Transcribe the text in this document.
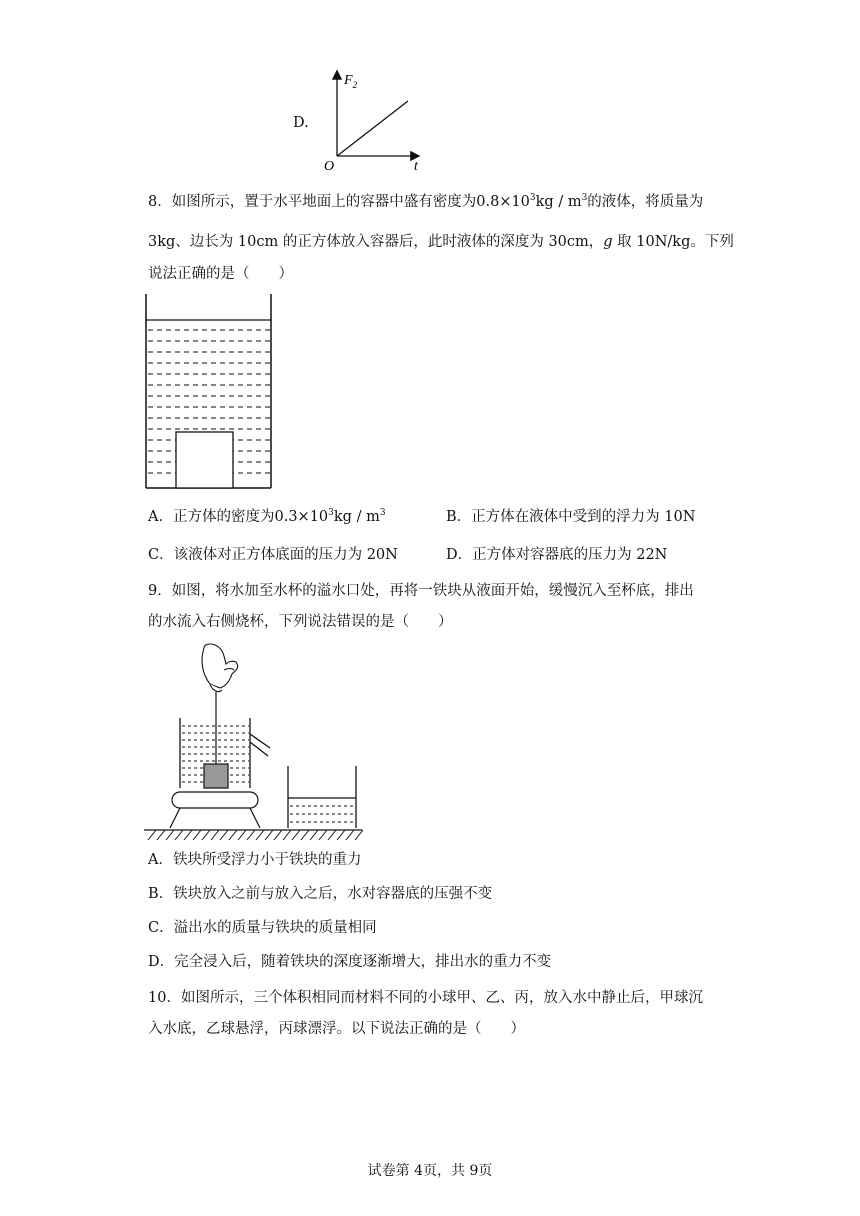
D.
$F_2$
t
O
8．如图所示，置于水平地面上的容器中盛有密度为$0.8\times 10^3kg / m^3$的液体，将质量为
3kg、边长为 10cm 的正方体放入容器后，此时液体的深度为 30cm，g 取 10N/kg。下列
说法正确的是（　　）
A．正方体的密度为$0.3\times 10^3kg / m^3$	B．正方体在液体中受到的浮力为 10N
C．该液体对正方体底面的压力为 20N	D．正方体对容器底的压力为 22N
9．如图，将水加至水杯的溢水口处，再将一铁块从液面开始，缓慢沉入至杯底，排出
的水流入右侧烧杯，下列说法错误的是（　　）
A．铁块所受浮力小于铁块的重力
B．铁块放入之前与放入之后，水对容器底的压强不变
C．溢出水的质量与铁块的质量相同
D．完全浸入后，随着铁块的深度逐渐增大，排出水的重力不变
10．如图所示，三个体积相同而材料不同的小球甲、乙、丙，放入水中静止后，甲球沉
入水底，乙球悬浮，丙球漂浮。以下说法正确的是（　　）
试卷第 4页，共 9页
